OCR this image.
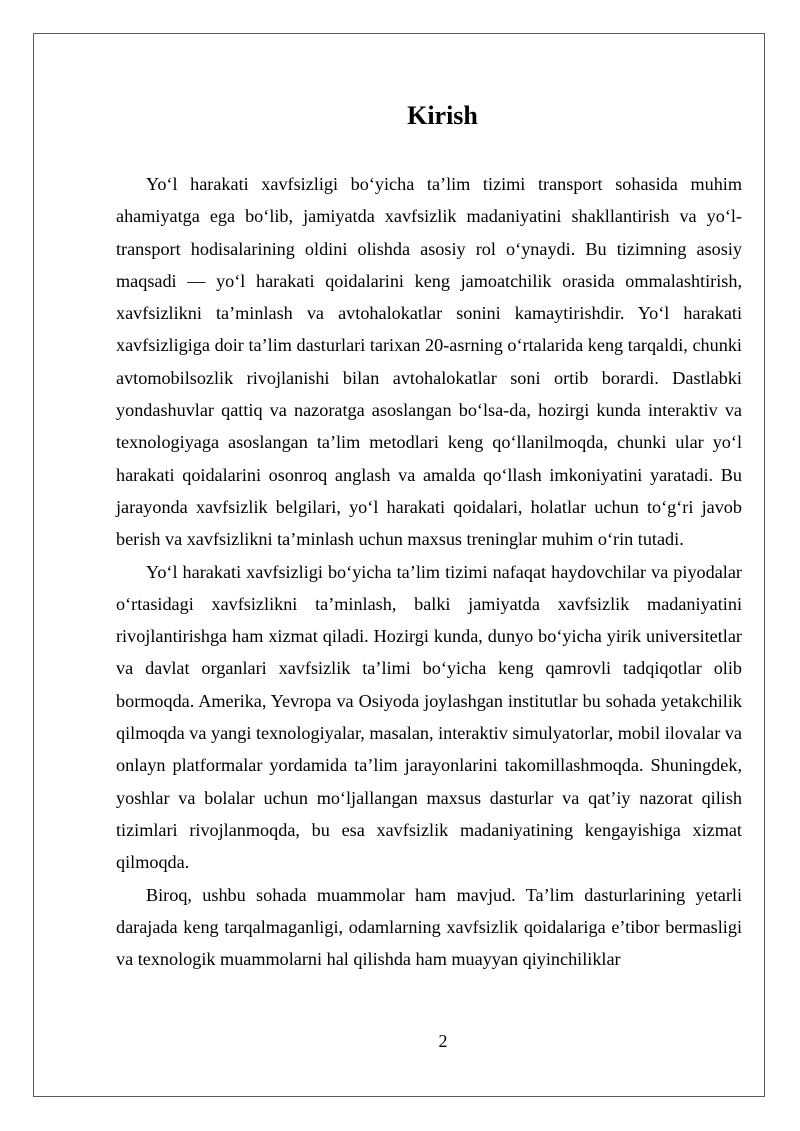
Kirish

Yo‘l harakati xavfsizligi bo‘yicha ta’lim tizimi transport sohasida muhim ahamiyatga ega bo‘lib, jamiyatda xavfsizlik madaniyatini shakllantirish va yo‘l-transport hodisalarining oldini olishda asosiy rol o‘ynaydi. Bu tizimning asosiy maqsadi — yo‘l harakati qoidalarini keng jamoatchilik orasida ommalashtirish, xavfsizlikni ta’minlash va avtohalokatlar sonini kamaytirishdir. Yo‘l harakati xavfsizligiga doir ta’lim dasturlari tarixan 20-asrning o‘rtalarida keng tarqaldi, chunki avtomobilsozlik rivojlanishi bilan avtohalokatlar soni ortib borardi. Dastlabki yondashuvlar qattiq va nazoratga asoslangan bo‘lsa-da, hozirgi kunda interaktiv va texnologiyaga asoslangan ta’lim metodlari keng qo‘llanilmoqda, chunki ular yo‘l harakati qoidalarini osonroq anglash va amalda qo‘llash imkoniyatini yaratadi. Bu jarayonda xavfsizlik belgilari, yo‘l harakati qoidalari, holatlar uchun to‘g‘ri javob berish va xavfsizlikni ta’minlash uchun maxsus treninglar muhim o‘rin tutadi.

Yo‘l harakati xavfsizligi bo‘yicha ta’lim tizimi nafaqat haydovchilar va piyodalar o‘rtasidagi xavfsizlikni ta’minlash, balki jamiyatda xavfsizlik madaniyatini rivojlantirishga ham xizmat qiladi. Hozirgi kunda, dunyo bo‘yicha yirik universitetlar va davlat organlari xavfsizlik ta’limi bo‘yicha keng qamrovli tadqiqotlar olib bormoqda. Amerika, Yevropa va Osiyoda joylashgan institutlar bu sohada yetakchilik qilmoqda va yangi texnologiyalar, masalan, interaktiv simulyatorlar, mobil ilovalar va onlayn platformalar yordamida ta’lim jarayonlarini takomillashmoqda. Shuningdek, yoshlar va bolalar uchun mo‘ljallangan maxsus dasturlar va qat’iy nazorat qilish tizimlari rivojlanmoqda, bu esa xavfsizlik madaniyatining kengayishiga xizmat qilmoqda.

Biroq, ushbu sohada muammolar ham mavjud. Ta’lim dasturlarining yetarli darajada keng tarqalmaganligi, odamlarning xavfsizlik qoidalariga e’tibor bermasligi va texnologik muammolarni hal qilishda ham muayyan qiyinchiliklar

2
